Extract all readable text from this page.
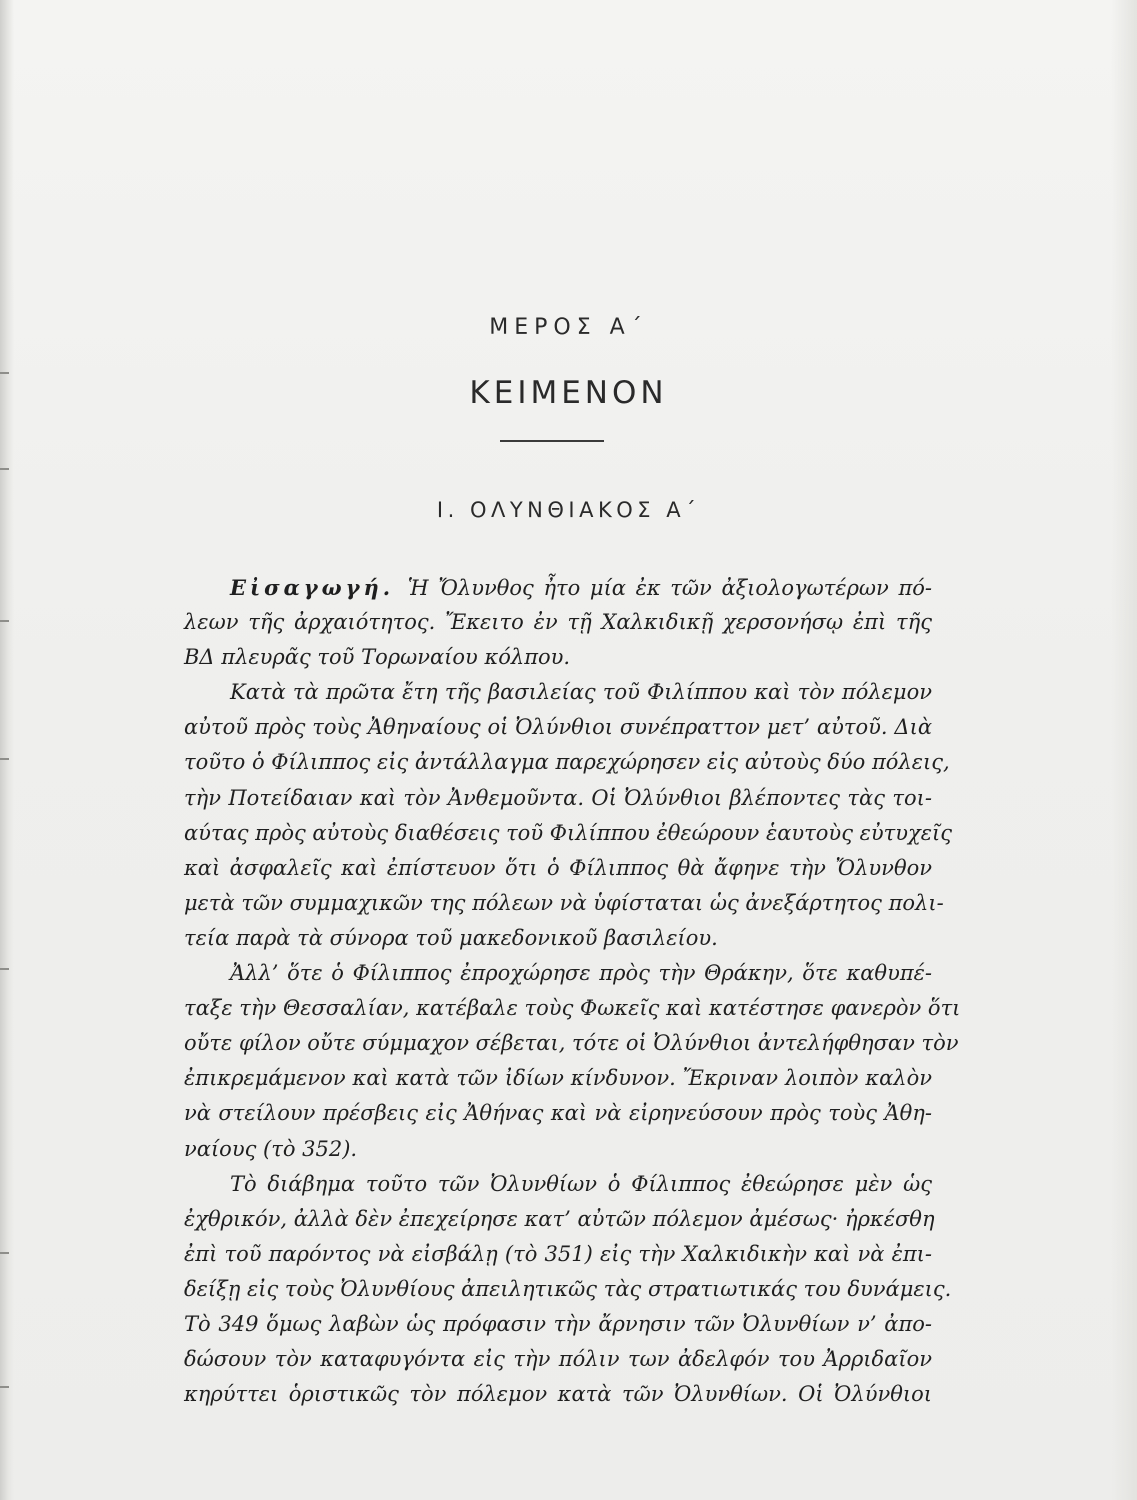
ΜΕΡΟΣ Α΄
ΚΕΙΜΕΝΟΝ
Ι. ΟΛΥΝΘΙΑΚΟΣ Α΄
Εἰσαγωγή. Ἡ Ὄλυνθος ἦτο μία ἐκ τῶν ἀξιολογωτέρων πό-
λεων τῆς ἀρχαιότητος. Ἔκειτο ἐν τῇ Χαλκιδικῇ χερσονήσῳ ἐπὶ τῆς
ΒΔ πλευρᾶς τοῦ Τορωναίου κόλπου.
Κατὰ τὰ πρῶτα ἔτη τῆς βασιλείας τοῦ Φιλίππου καὶ τὸν πόλεμον
αὐτοῦ πρὸς τοὺς Ἀθηναίους οἱ Ὀλύνθιοι συνέπραττον μετ’ αὐτοῦ. Διὰ
τοῦτο ὁ Φίλιππος εἰς ἀντάλλαγμα παρεχώρησεν εἰς αὐτοὺς δύο πόλεις,
τὴν Ποτείδαιαν καὶ τὸν Ἀνθεμοῦντα. Οἱ Ὀλύνθιοι βλέποντες τὰς τοι-
αύτας πρὸς αὐτοὺς διαθέσεις τοῦ Φιλίππου ἐθεώρουν ἑαυτοὺς εὐτυχεῖς
καὶ ἀσφαλεῖς καὶ ἐπίστευον ὅτι ὁ Φίλιππος θὰ ἄφηνε τὴν Ὄλυνθον
μετὰ τῶν συμμαχικῶν της πόλεων νὰ ὑφίσταται ὡς ἀνεξάρτητος πολι-
τεία παρὰ τὰ σύνορα τοῦ μακεδονικοῦ βασιλείου.
Ἀλλ’ ὅτε ὁ Φίλιππος ἐπροχώρησε πρὸς τὴν Θράκην, ὅτε καθυπέ-
ταξε τὴν Θεσσαλίαν, κατέβαλε τοὺς Φωκεῖς καὶ κατέστησε φανερὸν ὅτι
οὔτε φίλον οὔτε σύμμαχον σέβεται, τότε οἱ Ὀλύνθιοι ἀντελήφθησαν τὸν
ἐπικρεμάμενον καὶ κατὰ τῶν ἰδίων κίνδυνον. Ἔκριναν λοιπὸν καλὸν
νὰ στείλουν πρέσβεις εἰς Ἀθήνας καὶ νὰ εἰρηνεύσουν πρὸς τοὺς Ἀθη-
ναίους (τὸ 352).
Τὸ διάβημα τοῦτο τῶν Ὀλυνθίων ὁ Φίλιππος ἐθεώρησε μὲν ὡς
ἐχθρικόν, ἀλλὰ δὲν ἐπεχείρησε κατ’ αὐτῶν πόλεμον ἀμέσως· ἠρκέσθη
ἐπὶ τοῦ παρόντος νὰ εἰσβάλῃ (τὸ 351) εἰς τὴν Χαλκιδικὴν καὶ νὰ ἐπι-
δείξῃ εἰς τοὺς Ὀλυνθίους ἀπειλητικῶς τὰς στρατιωτικάς του δυνάμεις.
Τὸ 349 ὅμως λαβὼν ὡς πρόφασιν τὴν ἄρνησιν τῶν Ὀλυνθίων ν’ ἀπο-
δώσουν τὸν καταφυγόντα εἰς τὴν πόλιν των ἀδελφόν του Ἀρριδαῖον
κηρύττει ὁριστικῶς τὸν πόλεμον κατὰ τῶν Ὀλυνθίων. Οἱ Ὀλύνθιοι
